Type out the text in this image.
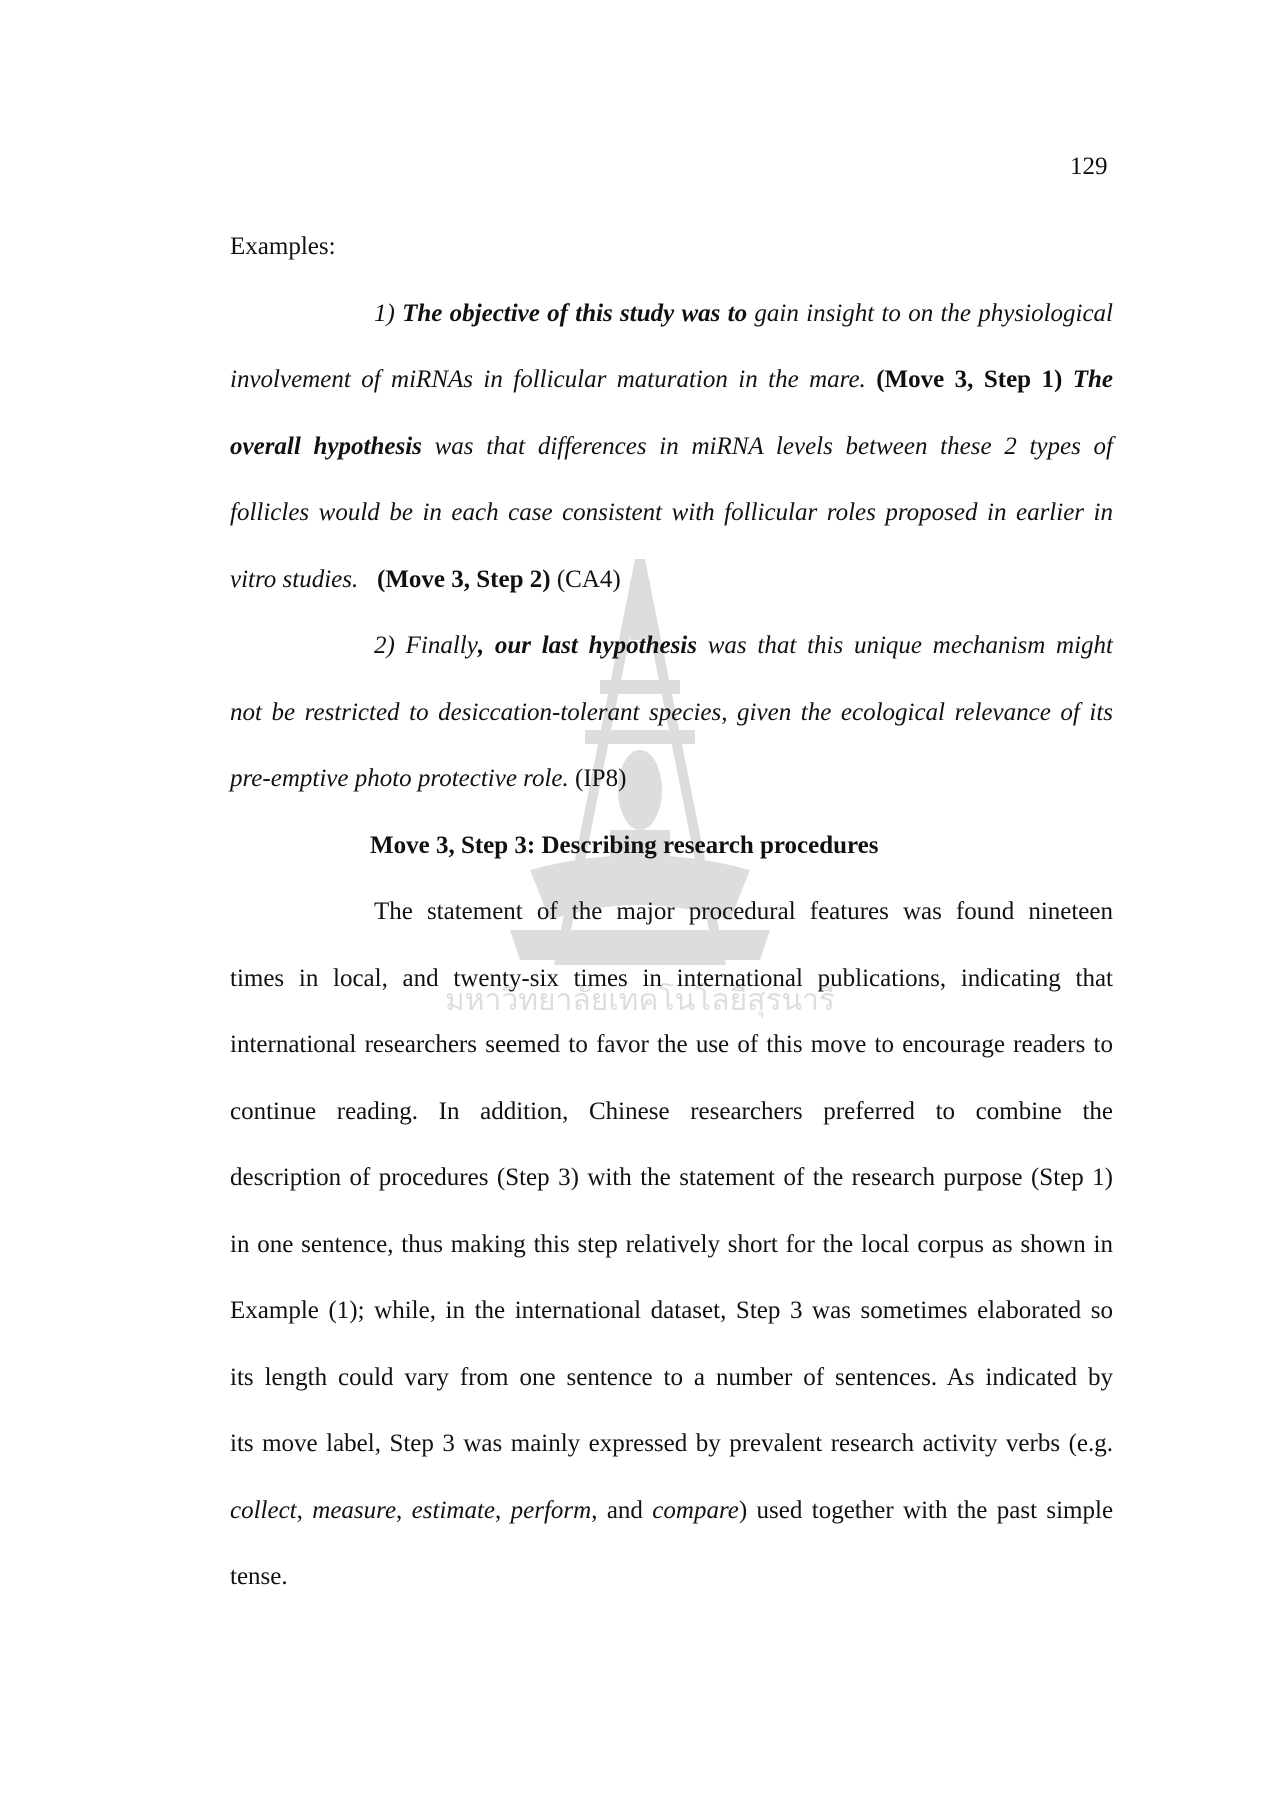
มหาวิทยาลัยเทคโนโลยีสุรนารี
129
Examples:
1) The objective of this study was to gain insight to on the physiological
involvement of miRNAs in follicular maturation in the mare. (Move 3, Step 1) The
overall hypothesis was that differences in miRNA levels between these 2 types of
follicles would be in each case consistent with follicular roles proposed in earlier in
vitro studies. (Move 3, Step 2) (CA4)
2) Finally, our last hypothesis was that this unique mechanism might
not be restricted to desiccation-tolerant species, given the ecological relevance of its
pre-emptive photo protective role. (IP8)
Move 3, Step 3: Describing research procedures
The statement of the major procedural features was found nineteen
times in local, and twenty-six times in international publications, indicating that
international researchers seemed to favor the use of this move to encourage readers to
continue reading. In addition, Chinese researchers preferred to combine the
description of procedures (Step 3) with the statement of the research purpose (Step 1)
in one sentence, thus making this step relatively short for the local corpus as shown in
Example (1); while, in the international dataset, Step 3 was sometimes elaborated so
its length could vary from one sentence to a number of sentences. As indicated by
its move label, Step 3 was mainly expressed by prevalent research activity verbs (e.g.
collect, measure, estimate, perform, and compare) used together with the past simple
tense.
